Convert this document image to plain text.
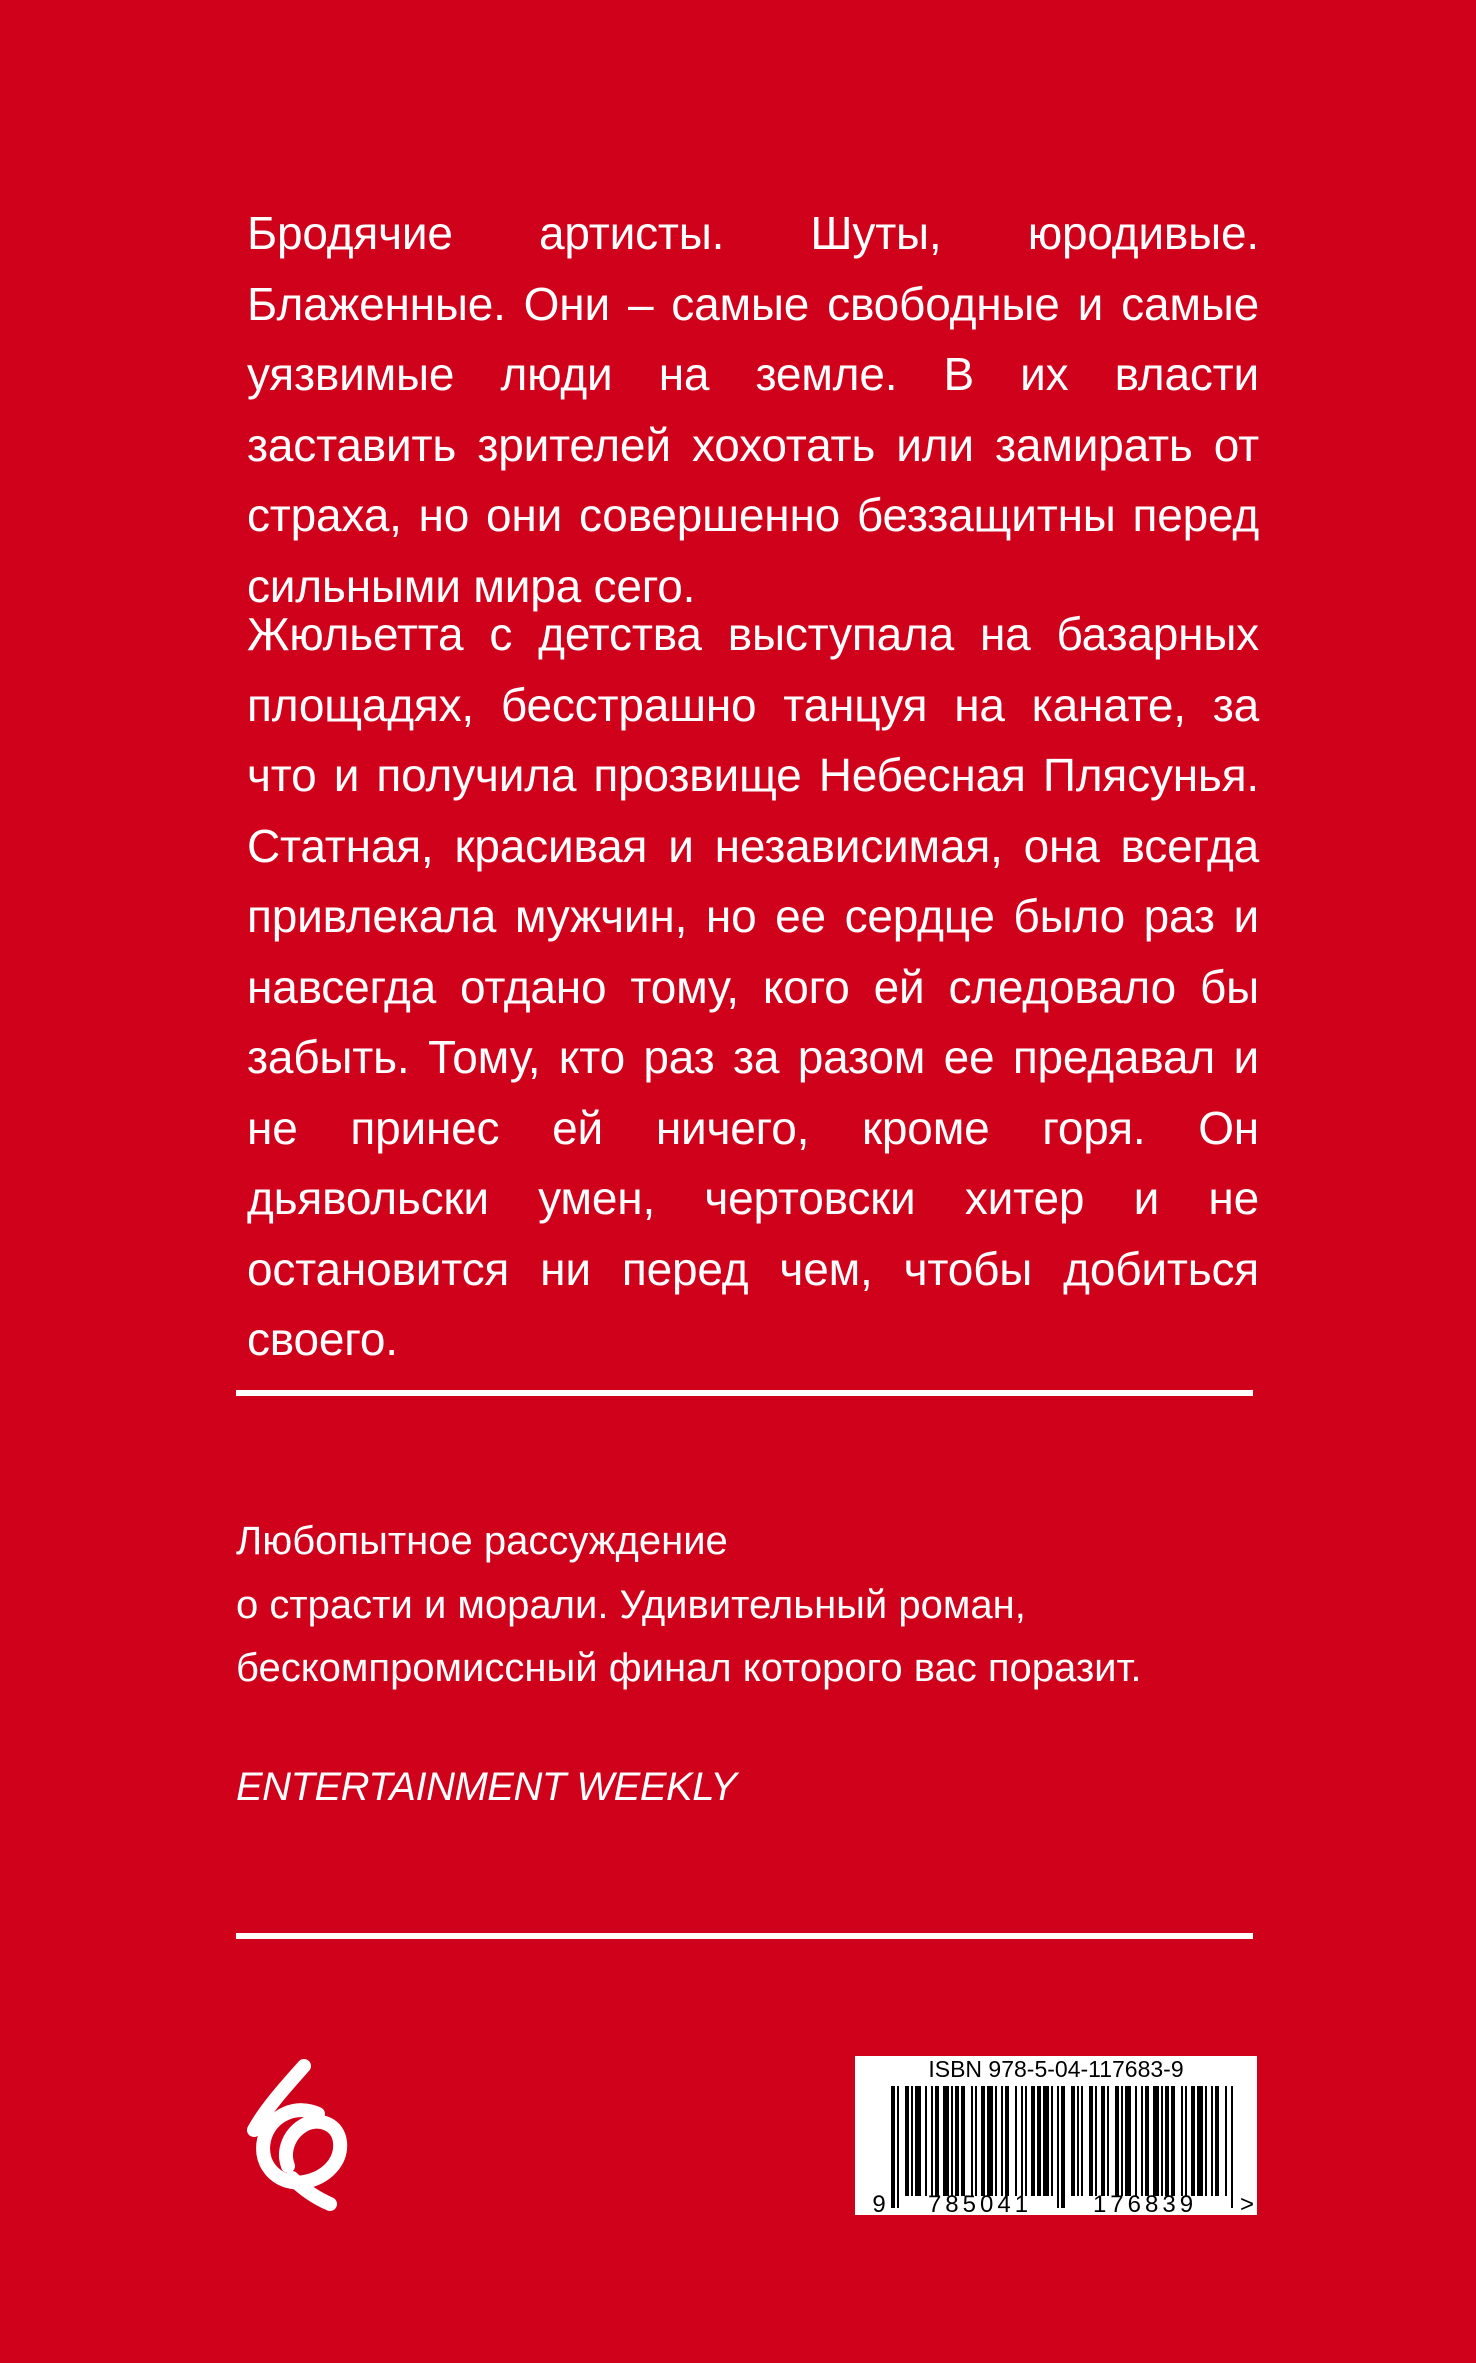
Бродячие артисты. Шуты, юродивые. Блаженные. Они – самые свободные и самые уязвимые люди на земле. В их власти заставить зрителей хохотать или замирать от страха, но они совершенно беззащитны перед сильными мира сего.

Жюльетта с детства выступала на базарных площадях, бесстрашно танцуя на канате, за что и получила прозвище Небесная Плясунья. Статная, красивая и независимая, она всегда привлекала мужчин, но ее сердце было раз и навсегда отдано тому, кого ей следовало бы забыть. Тому, кто раз за разом ее предавал и не принес ей ничего, кроме горя. Он дьявольски умен, чертовски хитер и не остановится ни перед чем, чтобы добиться своего.

Любопытное рассуждение
о страсти и морали. Удивительный роман,
бескомпромиссный финал которого вас поразит.

ENTERTAINMENT WEEKLY

ISBN 978-5-04-117683-9
9 785041	176839 >
